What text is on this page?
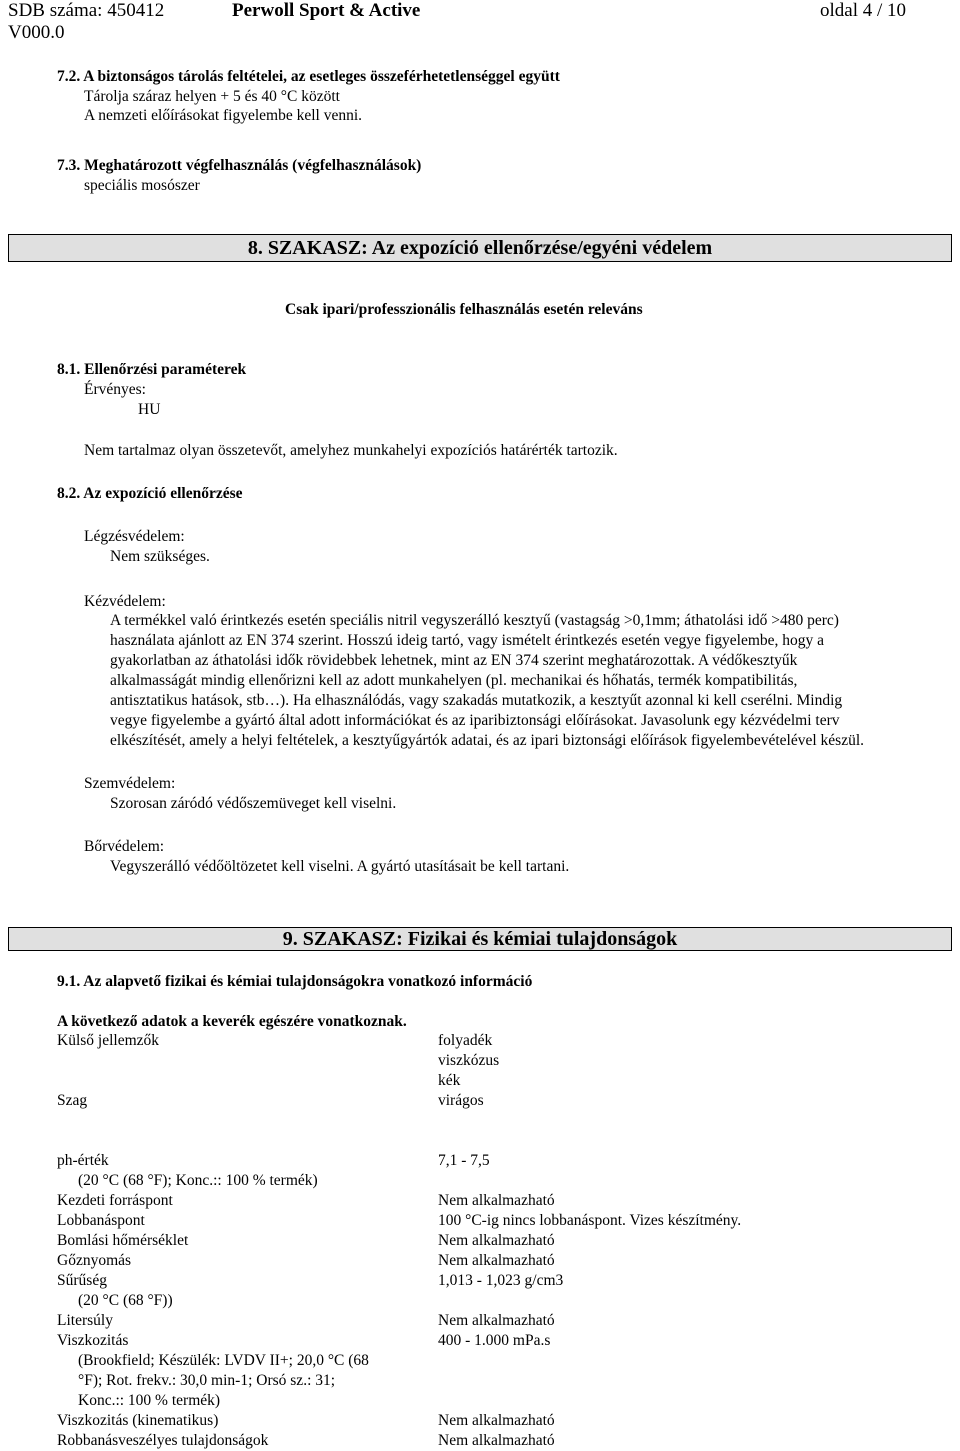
SDB száma: 450412
V000.0
Perwoll Sport & Active	oldal 4 / 10
7.2. A biztonságos tárolás feltételei, az esetleges összeférhetetlenséggel együtt
Tárolja száraz helyen + 5 és 40 °C között
A nemzeti előírásokat figyelembe kell venni.
7.3. Meghatározott végfelhasználás (végfelhasználások)
speciális mosószer
8. SZAKASZ: Az expozíció ellenőrzése/egyéni védelem
Csak ipari/professzionális felhasználás esetén releváns
8.1. Ellenőrzési paraméterek
Érvényes:
HU
Nem tartalmaz olyan összetevőt, amelyhez munkahelyi expozíciós határérték tartozik.
8.2. Az expozíció ellenőrzése
Légzésvédelem:
Nem szükséges.
Kézvédelem:
A termékkel való érintkezés esetén speciális nitril vegyszerálló kesztyű (vastagság >0,1mm; áthatolási idő >480 perc)
használata ajánlott az EN 374 szerint. Hosszú ideig tartó, vagy ismételt érintkezés esetén vegye figyelembe, hogy a
gyakorlatban az áthatolási idők rövidebbek lehetnek, mint az EN 374 szerint meghatározottak. A védőkesztyűk
alkalmasságát mindig ellenőrizni kell az adott munkahelyen (pl. mechanikai és hőhatás, termék kompatibilitás,
antisztatikus hatások, stb…). Ha elhasználódás, vagy szakadás mutatkozik, a kesztyűt azonnal ki kell cserélni. Mindig
vegye figyelembe a gyártó által adott információkat és az iparibiztonsági előírásokat. Javasolunk egy kézvédelmi terv
elkészítését, amely a helyi feltételek, a kesztyűgyártók adatai, és az ipari biztonsági előírások figyelembevételével készül.
Szemvédelem:
Szorosan záródó védőszemüveget kell viselni.
Bőrvédelem:
Vegyszerálló védőöltözetet kell viselni. A gyártó utasításait be kell tartani.
9. SZAKASZ: Fizikai és kémiai tulajdonságok
9.1. Az alapvető fizikai és kémiai tulajdonságokra vonatkozó információ
A következő adatok a keverék egészére vonatkoznak.
Külső jellemzők	folyadék
viszkózus
kék
Szag	virágos
ph-érték	7,1 - 7,5
(20 °C (68 °F); Konc.:: 100 % termék)
Kezdeti forráspont	Nem alkalmazható
Lobbanáspont	100 °C-ig nincs lobbanáspont. Vizes készítmény.
Bomlási hőmérséklet	Nem alkalmazható
Gőznyomás	Nem alkalmazható
Sűrűség	1,013 - 1,023 g/cm3
(20 °C (68 °F))
Litersúly	Nem alkalmazható
Viszkozitás	400 - 1.000 mPa.s
(Brookfield; Készülék: LVDV II+; 20,0 °C (68
°F); Rot. frekv.: 30,0 min-1; Orsó sz.: 31;
Konc.:: 100 % termék)
Viszkozitás (kinematikus)	Nem alkalmazható
Robbanásveszélyes tulajdonságok	Nem alkalmazható
